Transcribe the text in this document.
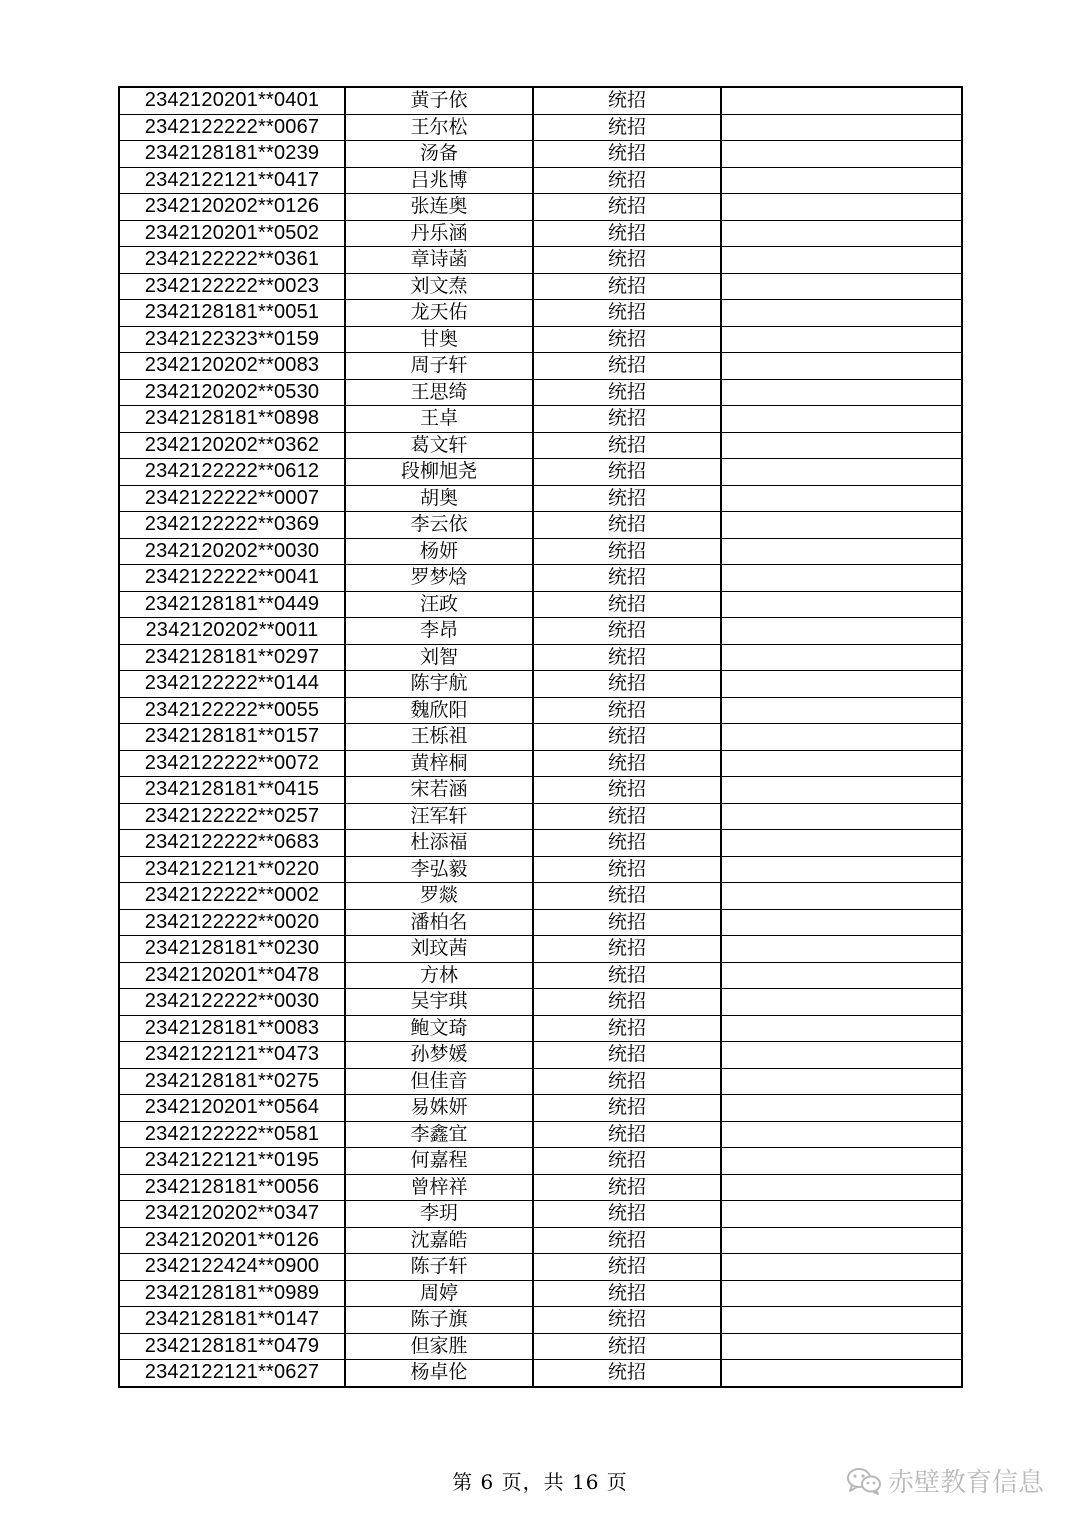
2342120201**0401	黄子依	统招	
2342122222**0067	王尔松	统招	
2342128181**0239	汤备	统招	
2342122121**0417	吕兆博	统招	
2342120202**0126	张连奥	统招	
2342120201**0502	丹乐涵	统招	
2342122222**0361	章诗菡	统招	
2342122222**0023	刘文焘	统招	
2342128181**0051	龙天佑	统招	
2342122323**0159	甘奥	统招	
2342120202**0083	周子轩	统招	
2342120202**0530	王思绮	统招	
2342128181**0898	王卓	统招	
2342120202**0362	葛文轩	统招	
2342122222**0612	段柳旭尧	统招	
2342122222**0007	胡奥	统招	
2342122222**0369	李云依	统招	
2342120202**0030	杨妍	统招	
2342122222**0041	罗梦焓	统招	
2342128181**0449	汪政	统招	
2342120202**0011	李昂	统招	
2342128181**0297	刘智	统招	
2342122222**0144	陈宇航	统招	
2342122222**0055	魏欣阳	统招	
2342128181**0157	王栎祖	统招	
2342122222**0072	黄梓桐	统招	
2342128181**0415	宋若涵	统招	
2342122222**0257	汪军轩	统招	
2342122222**0683	杜添福	统招	
2342122121**0220	李弘毅	统招	
2342122222**0002	罗燚	统招	
2342122222**0020	潘柏名	统招	
2342128181**0230	刘玟茜	统招	
2342120201**0478	方林	统招	
2342122222**0030	吴宇琪	统招	
2342128181**0083	鲍文琦	统招	
2342122121**0473	孙梦媛	统招	
2342128181**0275	但佳音	统招	
2342120201**0564	易姝妍	统招	
2342122222**0581	李鑫宜	统招	
2342122121**0195	何嘉程	统招	
2342128181**0056	曾梓祥	统招	
2342120202**0347	李玥	统招	
2342120201**0126	沈嘉皓	统招	
2342122424**0900	陈子轩	统招	
2342128181**0989	周婷	统招	
2342128181**0147	陈子旗	统招	
2342128181**0479	但家胜	统招	
2342122121**0627	杨卓伦	统招	
第 6 页，共 16 页	赤壁教育信息
